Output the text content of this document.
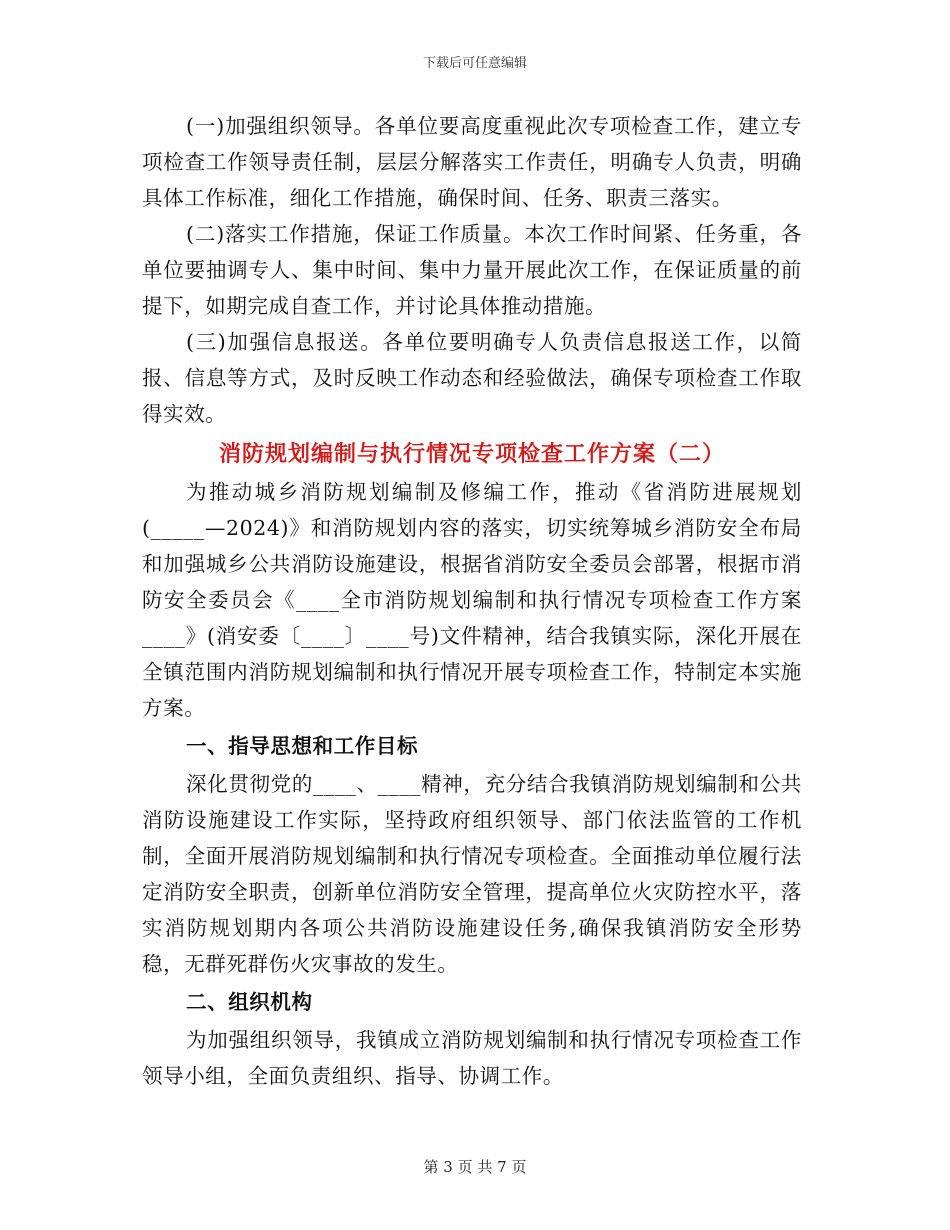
下载后可任意编辑

(一)加强组织领导。各单位要高度重视此次专项检查工作，建立专项检查工作领导责任制，层层分解落实工作责任，明确专人负责，明确具体工作标准，细化工作措施，确保时间、任务、职责三落实。

(二)落实工作措施，保证工作质量。本次工作时间紧、任务重，各单位要抽调专人、集中时间、集中力量开展此次工作，在保证质量的前提下，如期完成自查工作，并讨论具体推动措施。

(三)加强信息报送。各单位要明确专人负责信息报送工作，以简报、信息等方式，及时反映工作动态和经验做法，确保专项检查工作取得实效。

消防规划编制与执行情况专项检查工作方案（二）

为推动城乡消防规划编制及修编工作，推动《省消防进展规划(_____—2024)》和消防规划内容的落实，切实统筹城乡消防安全布局和加强城乡公共消防设施建设，根据省消防安全委员会部署，根据市消防安全委员会《____全市消防规划编制和执行情况专项检查工作方案____》(消安委〔____〕____号)文件精神，结合我镇实际，深化开展在全镇范围内消防规划编制和执行情况开展专项检查工作，特制定本实施方案。

一、指导思想和工作目标

深化贯彻党的____、____精神，充分结合我镇消防规划编制和公共消防设施建设工作实际，坚持政府组织领导、部门依法监管的工作机制，全面开展消防规划编制和执行情况专项检查。全面推动单位履行法定消防安全职责，创新单位消防安全管理，提高单位火灾防控水平，落实消防规划期内各项公共消防设施建设任务,确保我镇消防安全形势稳，无群死群伤火灾事故的发生。

二、组织机构

为加强组织领导，我镇成立消防规划编制和执行情况专项检查工作领导小组，全面负责组织、指导、协调工作。

第 3 页 共 7 页
